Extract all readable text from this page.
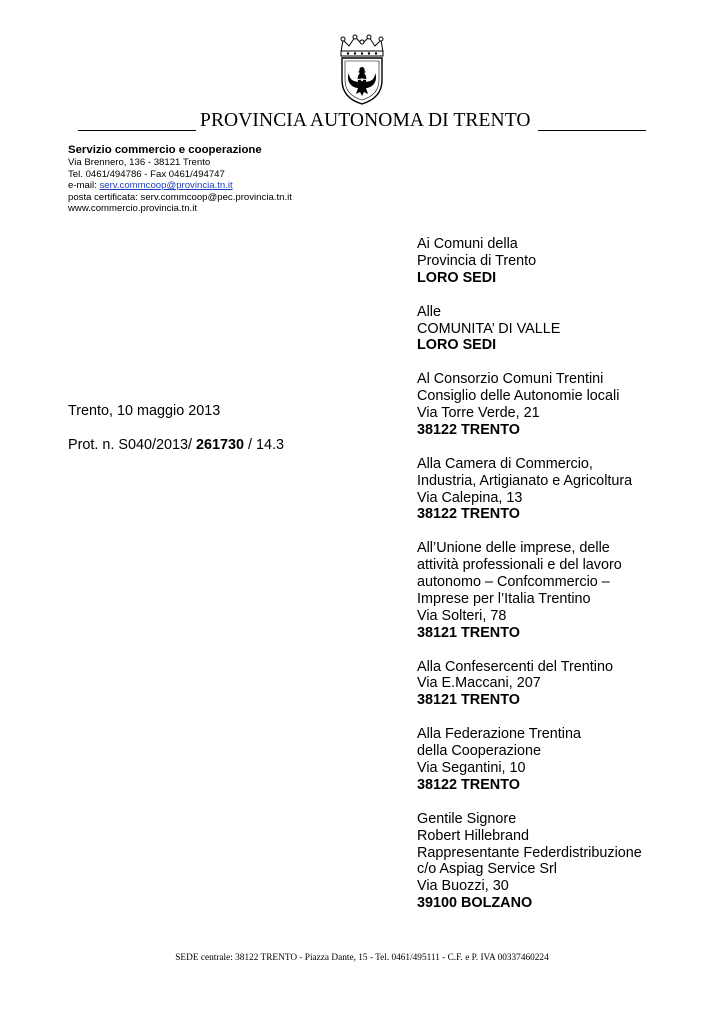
PROVINCIA AUTONOMA DI TRENTO
Servizio commercio e cooperazione
Via Brennero, 136 - 38121 Trento
Tel. 0461/494786 - Fax 0461/494747
e-mail: serv.commcoop@provincia.tn.it
posta certificata: serv.commcoop@pec.provincia.tn.it
www.commercio.provincia.tn.it
Trento, 10 maggio 2013
Prot. n. S040/2013/ 261730 / 14.3
Ai Comuni della
Provincia di Trento
LORO SEDI
Alle
COMUNITA’ DI VALLE
LORO SEDI
Al Consorzio Comuni Trentini
Consiglio delle Autonomie locali
Via Torre Verde, 21
38122 TRENTO
Alla Camera di Commercio,
Industria, Artigianato e Agricoltura
Via Calepina, 13
38122 TRENTO
All’Unione delle imprese, delle
attività professionali e del lavoro
autonomo – Confcommercio –
Imprese per l’Italia Trentino
Via Solteri, 78
38121 TRENTO
Alla Confesercenti del Trentino
Via E.Maccani, 207
38121 TRENTO
Alla Federazione Trentina
della Cooperazione
Via Segantini, 10
38122 TRENTO
Gentile Signore
Robert Hillebrand
Rappresentante Federdistribuzione
c/o Aspiag Service Srl
Via Buozzi, 30
39100 BOLZANO
SEDE centrale: 38122 TRENTO - Piazza Dante, 15 - Tel. 0461/495111 - C.F. e P. IVA 00337460224
